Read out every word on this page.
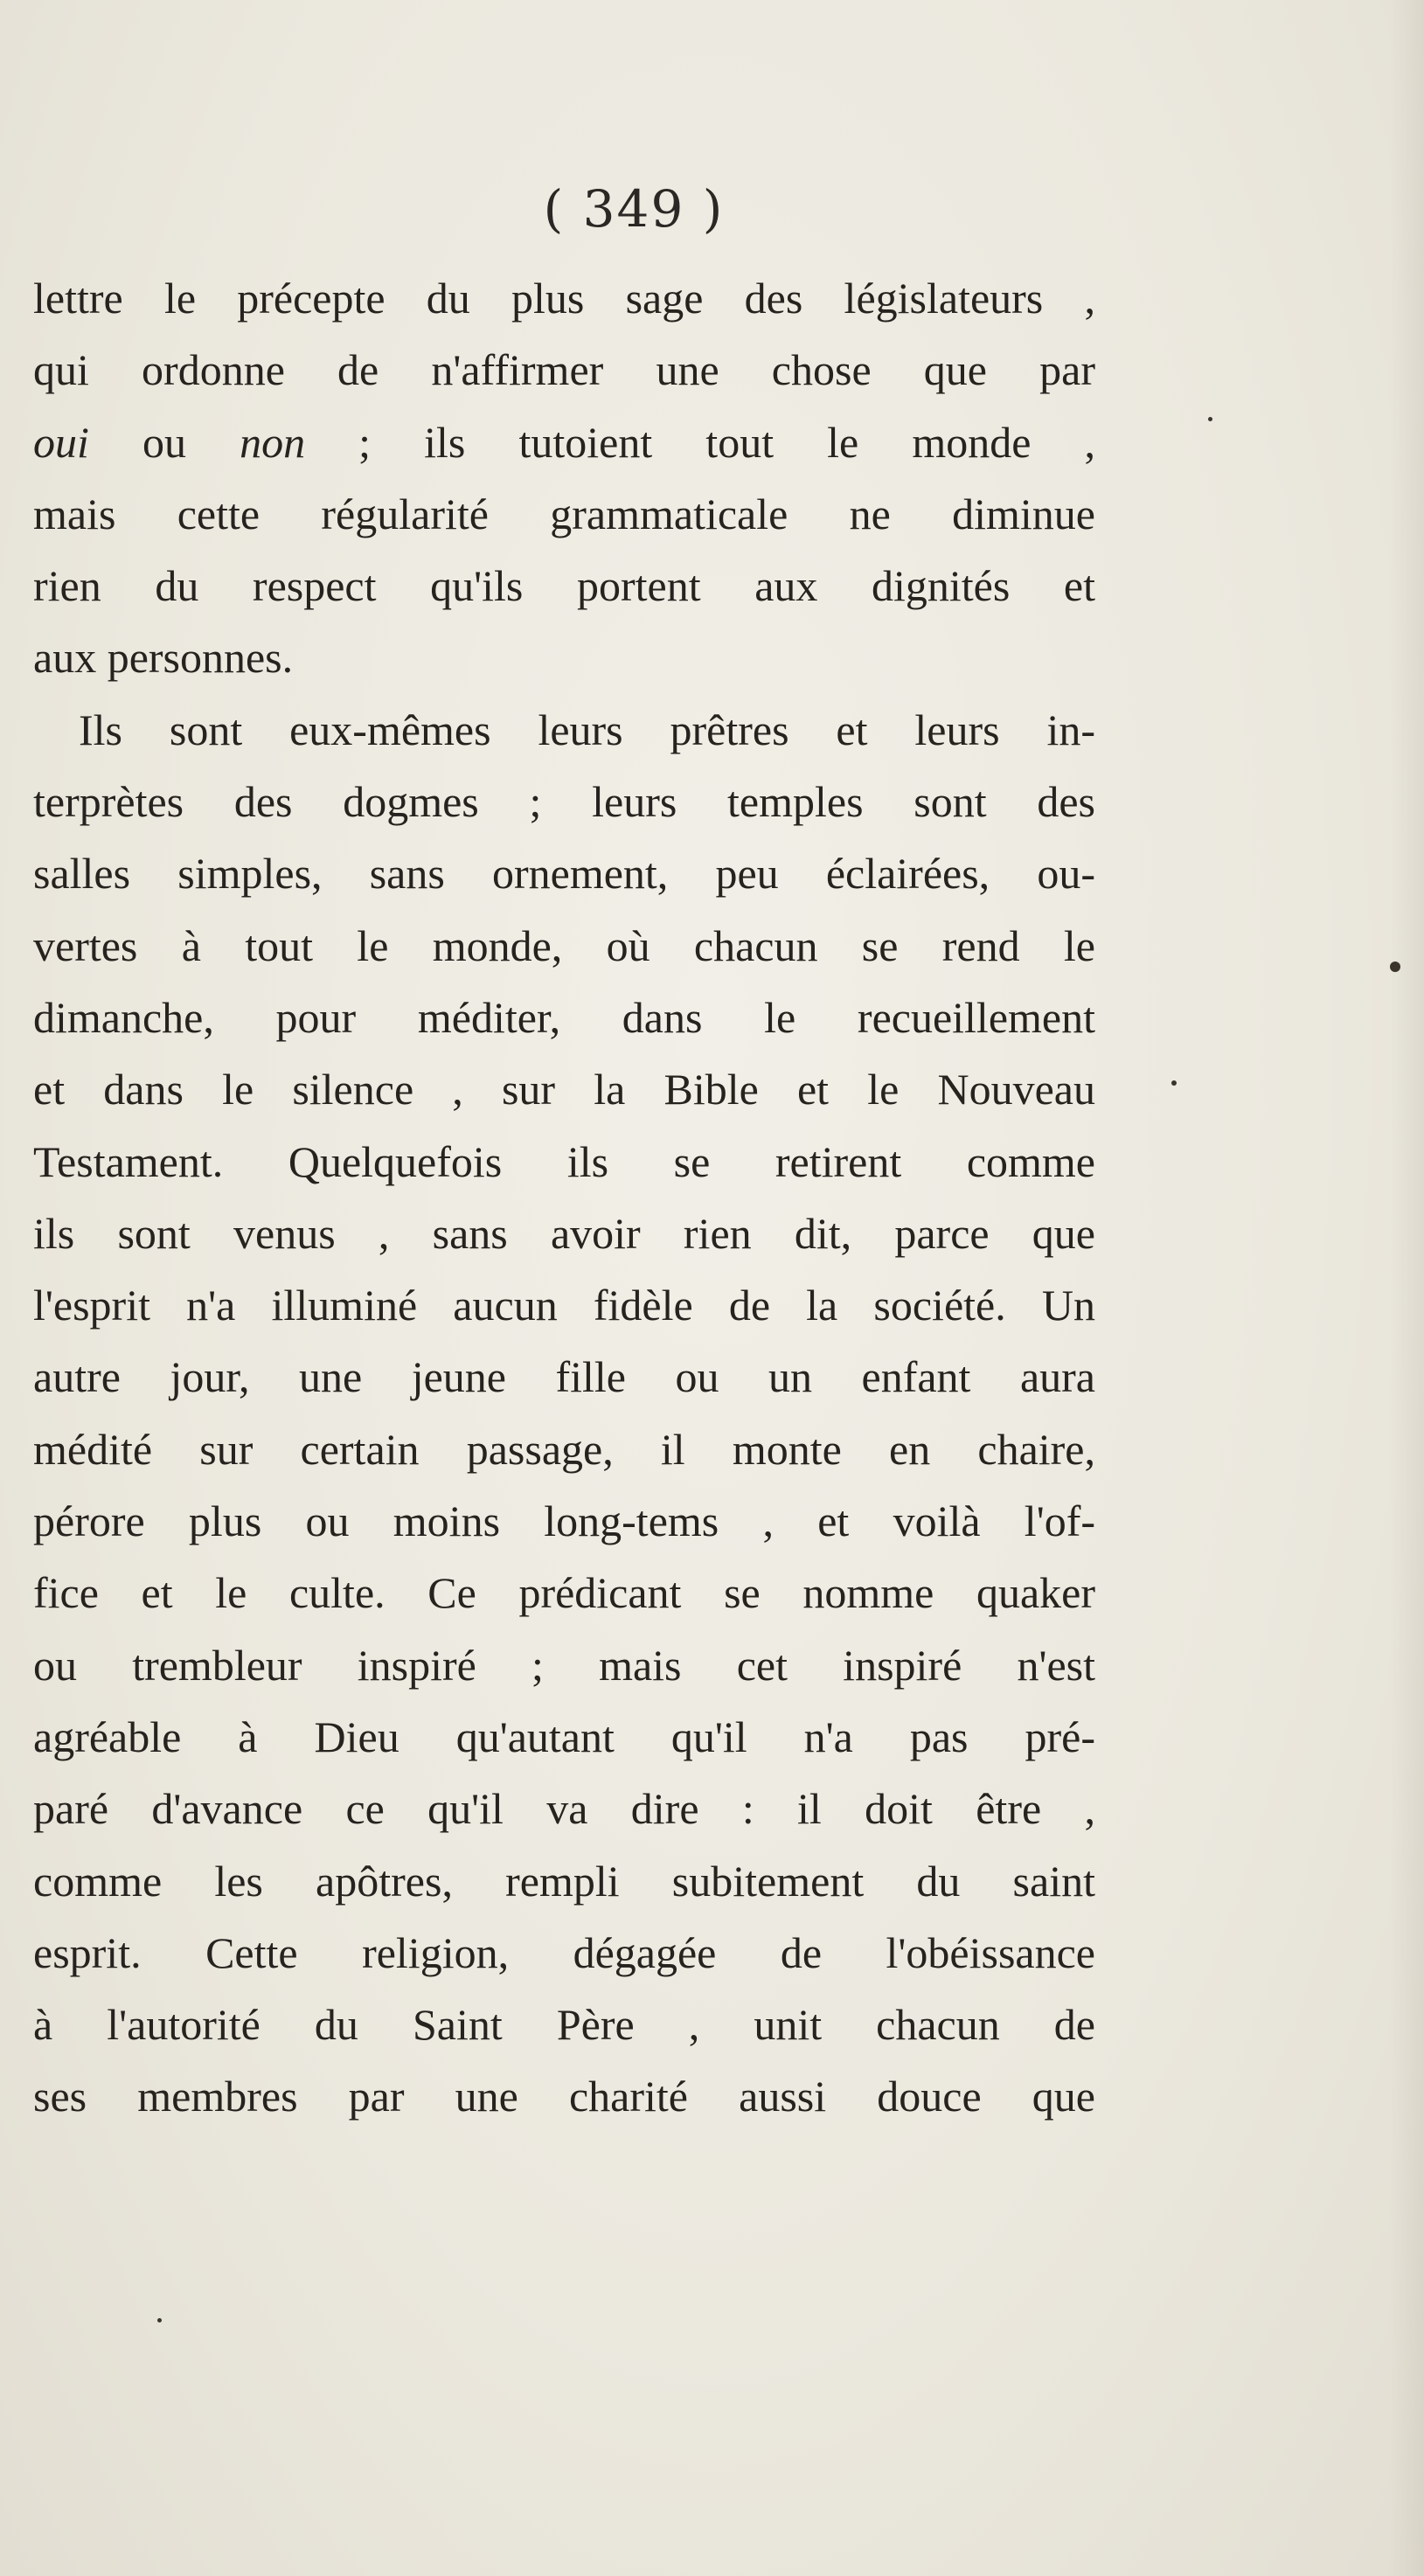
( 349 )
lettre le précepte du plus sage des législateurs ,
qui ordonne de n'affirmer une chose que par
oui ou non ; ils tutoient tout le monde ,
mais cette régularité grammaticale ne diminue
rien du respect qu'ils portent aux dignités et
aux personnes.
Ils sont eux-mêmes leurs prêtres et leurs in-
terprètes des dogmes ; leurs temples sont des
salles simples, sans ornement, peu éclairées, ou-
vertes à tout le monde, où chacun se rend le
dimanche, pour méditer, dans le recueillement
et dans le silence , sur la Bible et le Nouveau
Testament. Quelquefois ils se retirent comme
ils sont venus , sans avoir rien dit, parce que
l'esprit n'a illuminé aucun fidèle de la société. Un
autre jour, une jeune fille ou un enfant aura
médité sur certain passage, il monte en chaire,
pérore plus ou moins long-tems , et voilà l'of-
fice et le culte. Ce prédicant se nomme quaker
ou trembleur inspiré ; mais cet inspiré n'est
agréable à Dieu qu'autant qu'il n'a pas pré-
paré d'avance ce qu'il va dire : il doit être ,
comme les apôtres, rempli subitement du saint
esprit. Cette religion, dégagée de l'obéissance
à l'autorité du Saint Père , unit chacun de
ses membres par une charité aussi douce que
